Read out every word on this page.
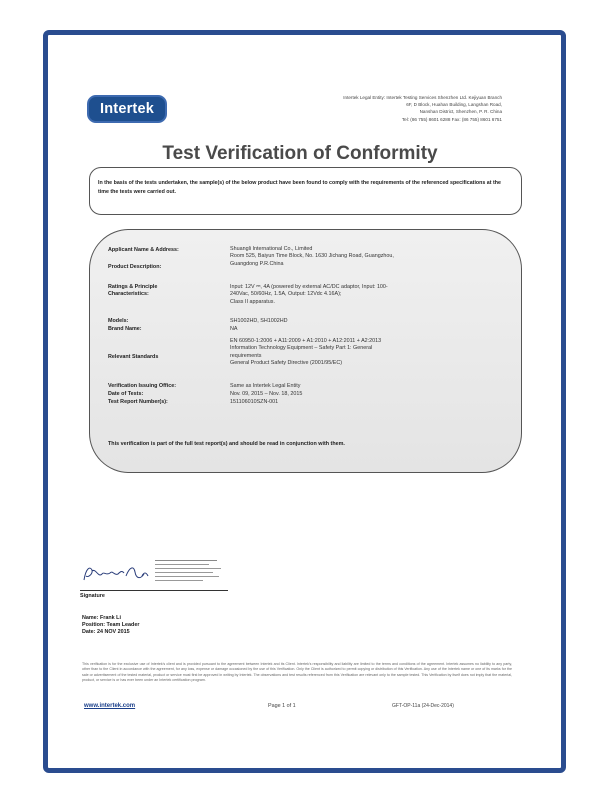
Intertek
Intertek Legal Entity: Intertek Testing Services Shenzhen Ltd. Kejiyuan Branch
6F, D Block, Huahan Building, Langshan Road,
Nanshan District, Shenzhen, P. R. China
Tel: (86 755) 8601 6288 Fax: (86 755) 8601 6751
Test Verification of Conformity
In the basis of the tests undertaken, the sample(s) of the below product have been found to comply with the requirements of the referenced specifications at the time the tests were carried out.
Applicant Name & Address:
Product Description:
Ratings & Principle Characteristics:
Models:
Brand Name:
Relevant Standards
Verification Issuing Office:
Date of Tests:
Test Report Number(s):
Shuangli International Co., Limited
Room 525, Baiyun Time Block, No. 1630 Jichang Road, Guangzhou,
Guangdong P.R.China
Input: 12V ⎓, 4A (powered by external AC/DC adaptor, Input: 100-
240Vac, 50/60Hz, 1.5A, Output: 12Vdc 4.16A);
Class II apparatus.
SH1002HD, SH1002HD
NA
EN 60950-1:2006 + A11:2009 + A1:2010 + A12:2011 + A2:2013
Information Technology Equipment – Safety Part 1: General
requirements
General Product Safety Directive (2001/95/EC)
Same as Intertek Legal Entity
Nov. 09, 2015 – Nov. 18, 2015
151106010SZN-001
This verification is part of the full test report(s) and should be read in conjunction with them.
Signature
Name: Frank Li
Position: Team Leader
Date: 24 NOV 2015
This verification is for the exclusive use of Intertek's client and is provided pursuant to the agreement between Intertek and its Client. Intertek's responsibility and liability are limited to the terms and conditions of the agreement. Intertek assumes no liability to any party, other than to the Client in accordance with the agreement, for any loss, expense or damage occasioned by the use of this Verification. Only the Client is authorized to permit copying or distribution of this Verification. Any use of the Intertek name or one of its marks for the sale or advertisement of the tested material, product or service must first be approved in writing by Intertek. The observations and test results referenced from this Verification are relevant only to the sample tested. This Verification by itself does not imply that the material, product, or service is or has ever been under an Intertek certification program.
www.intertek.com	Page 1 of 1	GFT-OP-11a (24-Dec-2014)
